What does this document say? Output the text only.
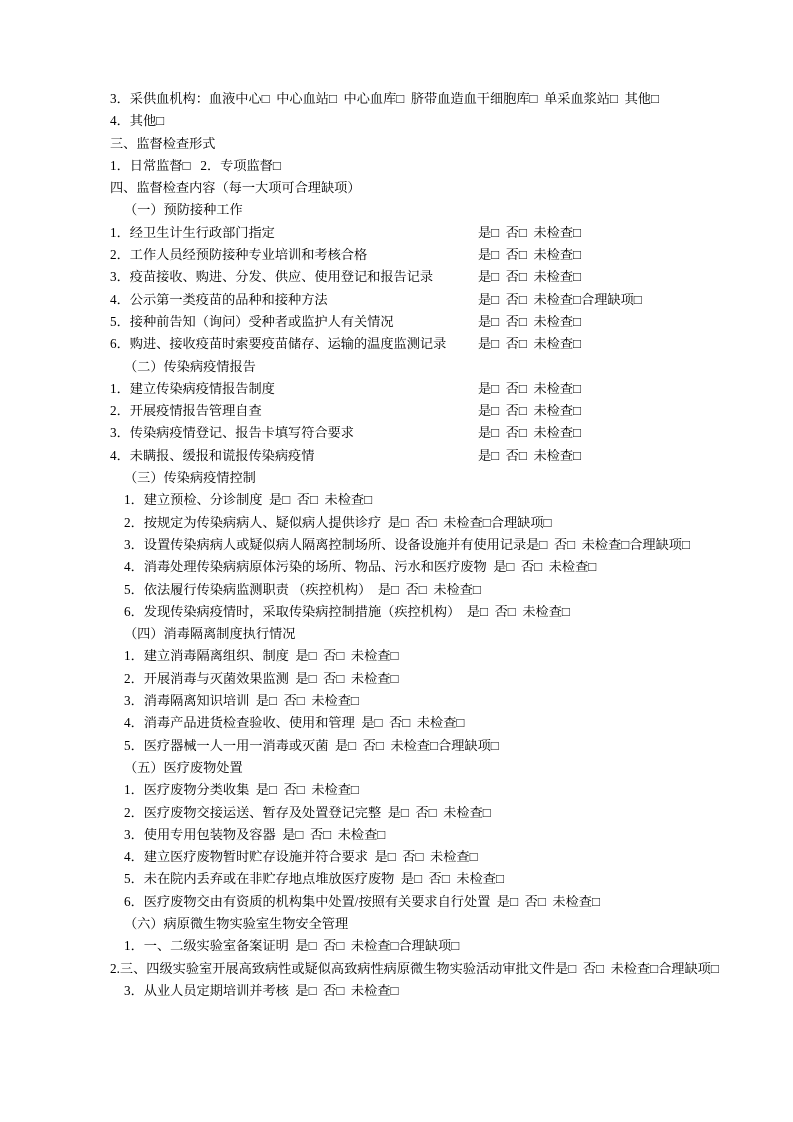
3．采供血机构：血液中心□  中心血站□  中心血库□  脐带血造血干细胞库□  单采血浆站□  其他□
4．其他□
三、监督检查形式
1．日常监督□   2．专项监督□
四、监督检查内容（每一大项可合理缺项）
（一）预防接种工作
1．经卫生计生行政部门指定	是□  否□  未检查□
2．工作人员经预防接种专业培训和考核合格	是□  否□  未检查□
3．疫苗接收、购进、分发、供应、使用登记和报告记录	是□  否□  未检查□
4．公示第一类疫苗的品种和接种方法	是□  否□  未检查□合理缺项□
5．接种前告知（询问）受种者或监护人有关情况	是□  否□  未检查□
6．购进、接收疫苗时索要疫苗储存、运输的温度监测记录	是□  否□  未检查□
（二）传染病疫情报告
1．建立传染病疫情报告制度	是□  否□  未检查□
2．开展疫情报告管理自查	是□  否□  未检查□
3．传染病疫情登记、报告卡填写符合要求	是□  否□  未检查□
4．未瞒报、缓报和谎报传染病疫情	是□  否□  未检查□
（三）传染病疫情控制
1．建立预检、分诊制度  是□  否□  未检查□
2．按规定为传染病病人、疑似病人提供诊疗  是□  否□  未检查□合理缺项□
3．设置传染病病人或疑似病人隔离控制场所、设备设施并有使用记录是□  否□  未检查□合理缺项□
4．消毒处理传染病病原体污染的场所、物品、污水和医疗废物  是□  否□  未检查□
5．依法履行传染病监测职责 （疾控机构）  是□  否□  未检查□
6．发现传染病疫情时，采取传染病控制措施（疾控机构）  是□  否□  未检查□
（四）消毒隔离制度执行情况
1．建立消毒隔离组织、制度  是□  否□  未检查□
2．开展消毒与灭菌效果监测  是□  否□  未检查□
3．消毒隔离知识培训  是□  否□  未检查□
4．消毒产品进货检查验收、使用和管理  是□  否□  未检查□
5．医疗器械一人一用一消毒或灭菌  是□  否□  未检查□合理缺项□
（五）医疗废物处置
1．医疗废物分类收集  是□  否□  未检查□
2．医疗废物交接运送、暂存及处置登记完整  是□  否□  未检查□
3．使用专用包装物及容器  是□  否□  未检查□
4．建立医疗废物暂时贮存设施并符合要求  是□  否□  未检查□
5．未在院内丢弃或在非贮存地点堆放医疗废物  是□  否□  未检查□
6．医疗废物交由有资质的机构集中处置/按照有关要求自行处置  是□  否□  未检查□
（六）病原微生物实验室生物安全管理
1．一、二级实验室备案证明  是□  否□  未检查□合理缺项□
2.三、四级实验室开展高致病性或疑似高致病性病原微生物实验活动审批文件是□  否□  未检查□合理缺项□
3．从业人员定期培训并考核  是□  否□  未检查□
